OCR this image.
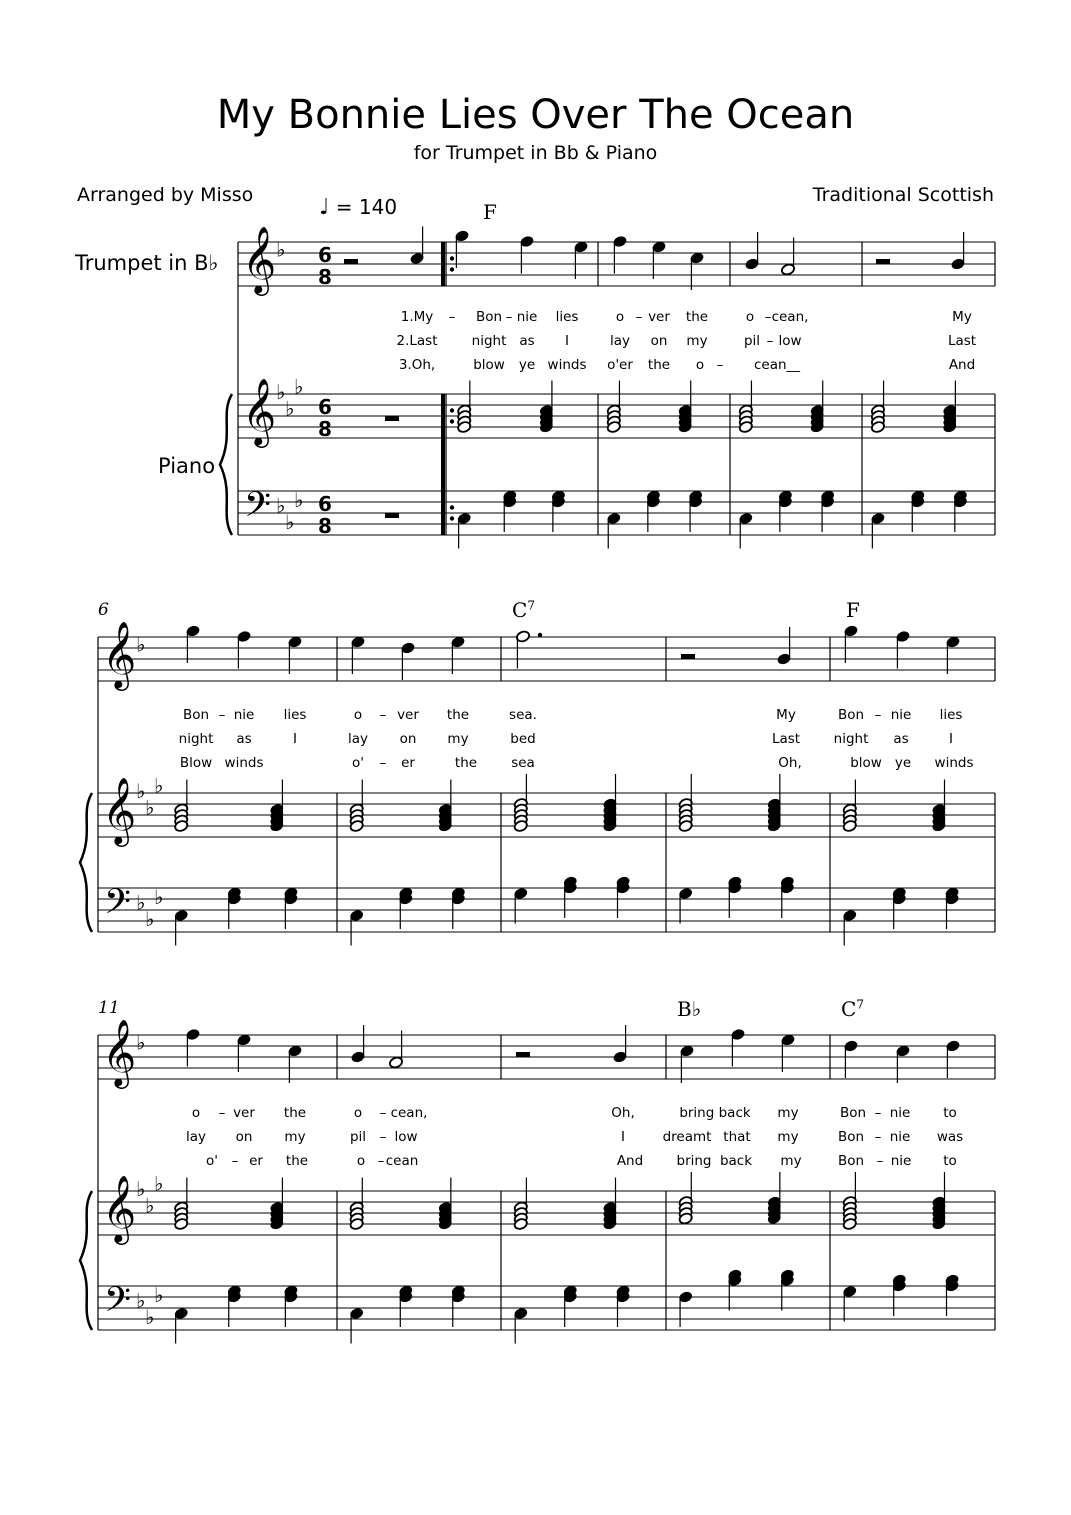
My Bonnie Lies Over The Ocean
for Trumpet in Bb & Piano
Arranged by Misso	Traditional Scottish
♩ = 140
Trumpet in B♭
Piano
6
11
F
$C^7$	F
B♭	$C^7$
1.My – Bon – nie lies	o – ver the	o – cean,	My
2.Last	night as I	lay on my	pil – low	Last
3.Oh,	blow ye winds o'er the o – cean__	And
Bon – nie lies	o – ver the	sea.	My	Bon – nie lies
night as	I	lay on my	bed	Last night as	I
Blow winds	o' – er	the	sea	Oh,	blow ye winds
o – ver the	o – cean,	Oh,	bring back my	Bon – nie to
lay on my	pil – low	I	dreamt that my	Bon – nie was
o' – er the	o – cean	And bring back my	Bon – nie to
𝄞
𝄞
𝄢
♭
♭
♭
♭
♭
♭
♭
6
8
6
8
6
8
𝄞
𝄞
𝄢
♭
♭
♭
♭
♭
♭
♭
𝄞
𝄞
𝄢
♭
♭
♭
♭
♭
♭
♭
